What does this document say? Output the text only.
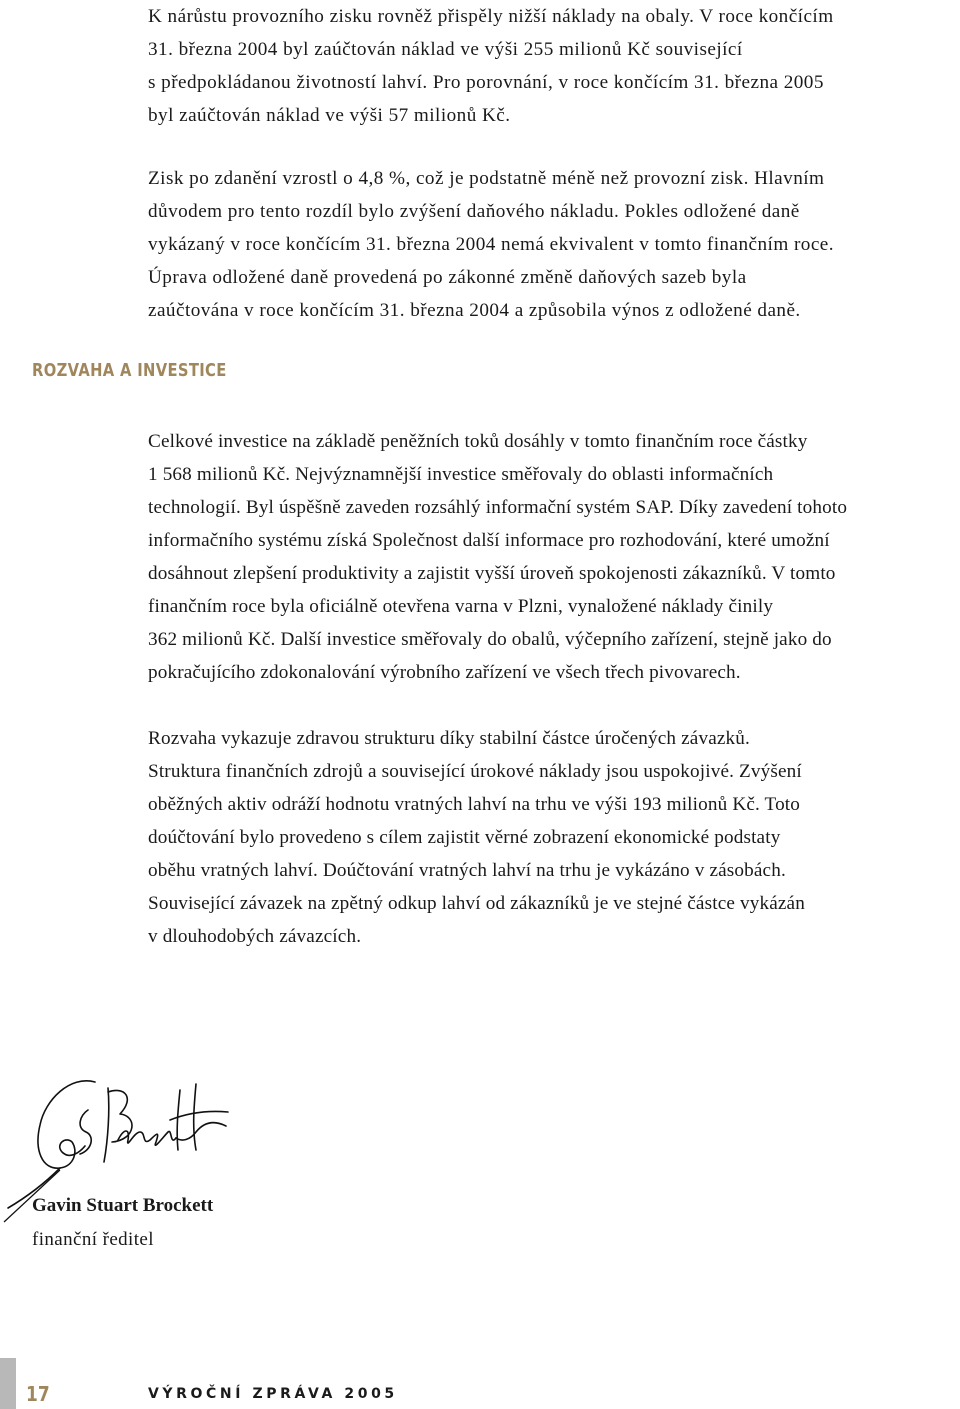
K nárůstu provozního zisku rovněž přispěly nižší náklady na obaly. V roce končícím
31. března 2004 byl zaúčtován náklad ve výši 255 milionů Kč související
s předpokládanou životností lahví. Pro porovnání, v roce končícím 31. března 2005
byl zaúčtován náklad ve výši 57 milionů Kč.
Zisk po zdanění vzrostl o 4,8 %, což je podstatně méně než provozní zisk. Hlavním
důvodem pro tento rozdíl bylo zvýšení daňového nákladu. Pokles odložené daně
vykázaný v roce končícím 31. března 2004 nemá ekvivalent v tomto finančním roce.
Úprava odložené daně provedená po zákonné změně daňových sazeb byla
zaúčtována v roce končícím 31. března 2004 a způsobila výnos z odložené daně.
ROZVAHA A INVESTICE
Celkové investice na základě peněžních toků dosáhly v tomto finančním roce částky
1 568 milionů Kč. Nejvýznamnější investice směřovaly do oblasti informačních
technologií. Byl úspěšně zaveden rozsáhlý informační systém SAP. Díky zavedení tohoto
informačního systému získá Společnost další informace pro rozhodování, které umožní
dosáhnout zlepšení produktivity a zajistit vyšší úroveň spokojenosti zákazníků. V tomto
finančním roce byla oficiálně otevřena varna v Plzni, vynaložené náklady činily
362 milionů Kč. Další investice směřovaly do obalů, výčepního zařízení, stejně jako do
pokračujícího zdokonalování výrobního zařízení ve všech třech pivovarech.
Rozvaha vykazuje zdravou strukturu díky stabilní částce úročených závazků.
Struktura finančních zdrojů a související úrokové náklady jsou uspokojivé. Zvýšení
oběžných aktiv odráží hodnotu vratných lahví na trhu ve výši 193 milionů Kč. Toto
doúčtování bylo provedeno s cílem zajistit věrné zobrazení ekonomické podstaty
oběhu vratných lahví. Doúčtování vratných lahví na trhu je vykázáno v zásobách.
Související závazek na zpětný odkup lahví od zákazníků je ve stejné částce vykázán
v dlouhodobých závazcích.
Gavin Stuart Brockett
finanční ředitel
17	VÝROČNÍ ZPRÁVA 2005
